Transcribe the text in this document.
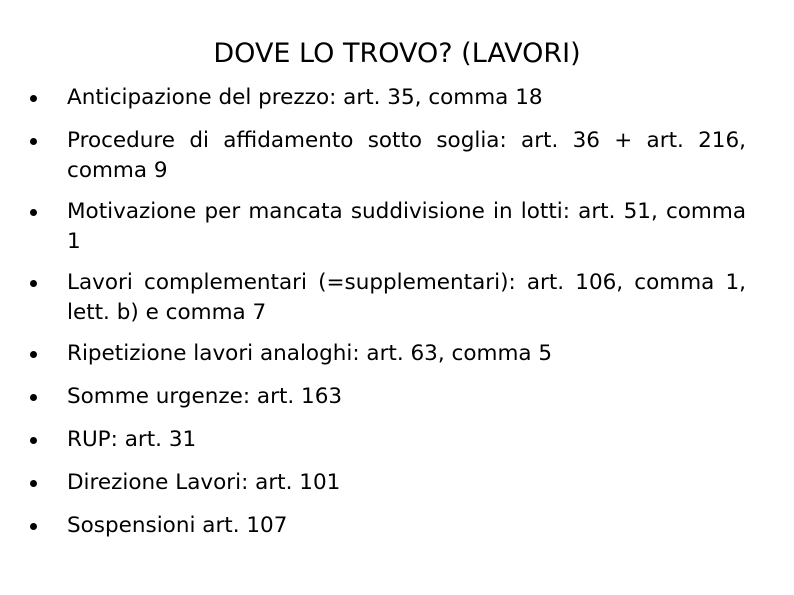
DOVE LO TROVO? (LAVORI)
Anticipazione del prezzo: art. 35, comma 18
Procedure di affidamento sotto soglia: art. 36 + art. 216, comma 9
Motivazione per mancata suddivisione in lotti: art. 51, comma 1
Lavori complementari (=supplementari): art. 106, comma 1, lett. b) e comma 7
Ripetizione lavori analoghi: art. 63, comma 5
Somme urgenze: art. 163
RUP: art. 31
Direzione Lavori: art. 101
Sospensioni art. 107
